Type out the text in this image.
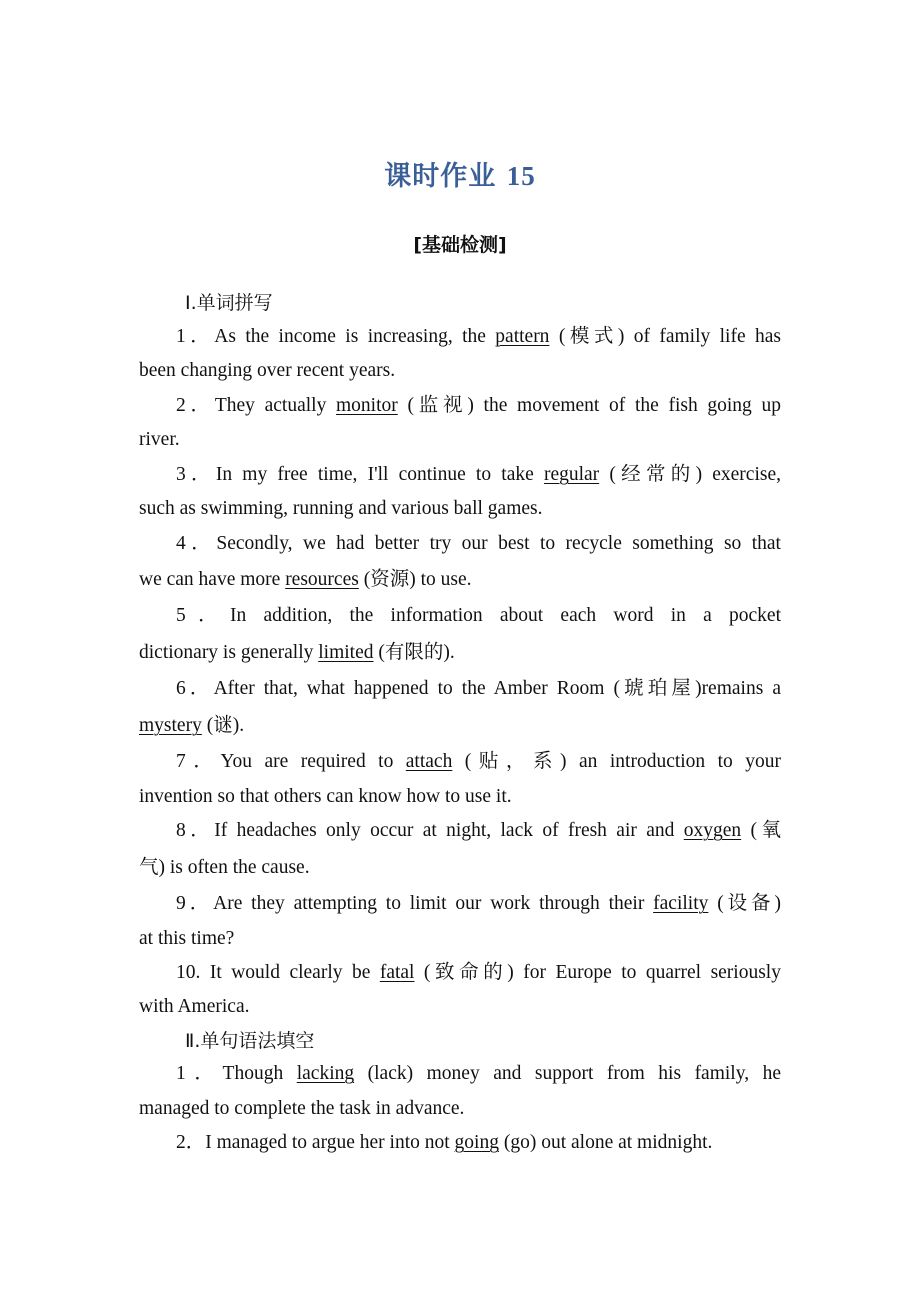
课时作业 15
[基础检测]
Ⅰ.单词拼写
1．As the income is increasing, the pattern (模式) of family life has
been changing over recent years.
2．They actually monitor (监视) the movement of the fish going up
river.
3．In my free time, I'll continue to take regular (经常的) exercise,
such as swimming, running and various ball games.
4．Secondly, we had better try our best to recycle something so that
we can have more resources (资源) to use.
5．In addition, the information about each word in a pocket
dictionary is generally limited (有限的).
6．After that, what happened to the Amber Room (琥珀屋)remains a
mystery (谜).
7．You are required to attach (贴，系) an introduction to your
invention so that others can know how to use it.
8．If headaches only occur at night, lack of fresh air and oxygen (氧
气) is often the cause.
9．Are they attempting to limit our work through their facility (设备)
at this time?
10. It would clearly be fatal (致命的) for Europe to quarrel seriously
with America.
Ⅱ.单句语法填空
1．Though lacking (lack) money and support from his family, he
managed to complete the task in advance.
2．I managed to argue her into not going (go) out alone at midnight.
